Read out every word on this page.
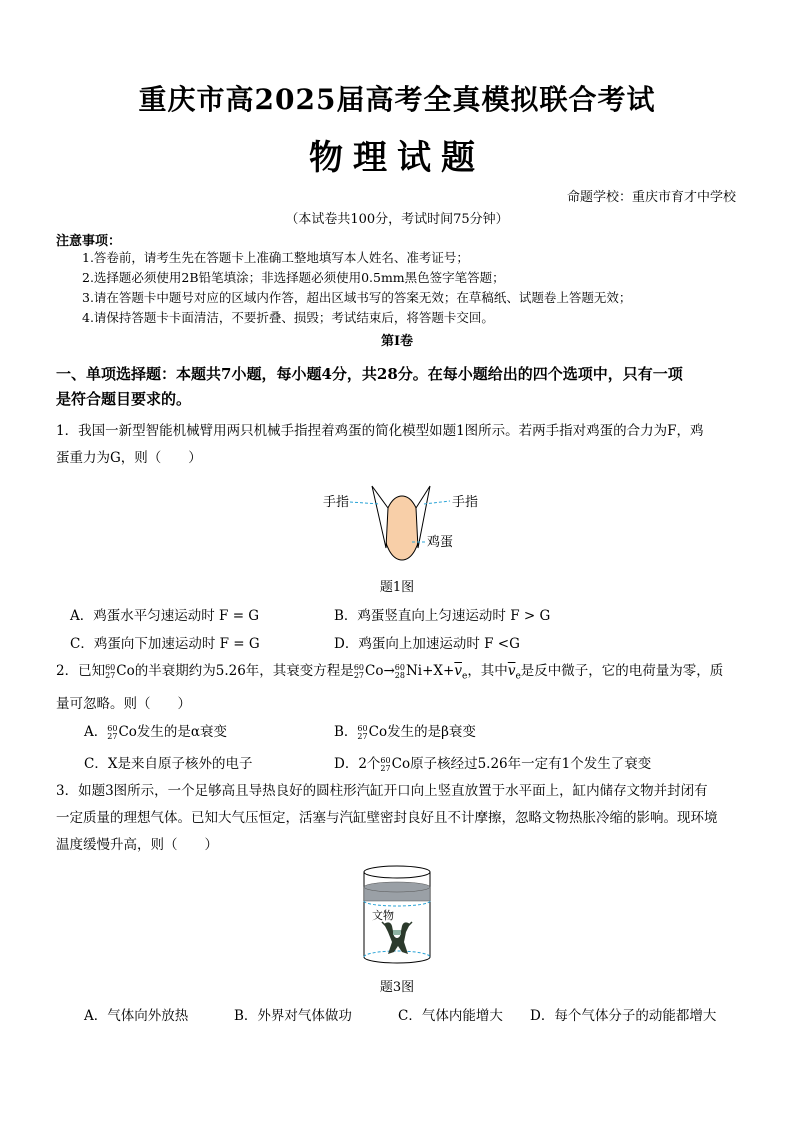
重庆市高2025届高考全真模拟联合考试
物理试题
命题学校：重庆市育才中学校
（本试卷共100分，考试时间75分钟）
注意事项：
1.答卷前，请考生先在答题卡上准确工整地填写本人姓名、准考证号；
2.选择题必须使用2B铅笔填涂；非选择题必须使用0.5mm黑色签字笔答题；
3.请在答题卡中题号对应的区域内作答，超出区域书写的答案无效；在草稿纸、试题卷上答题无效；
4.请保持答题卡卡面清洁，不要折叠、损毁；考试结束后，将答题卡交回。
第Ⅰ卷
一、单项选择题：本题共7小题，每小题4分，共28分。在每小题给出的四个选项中，只有一项
是符合题目要求的。
1．我国一新型智能机械臂用两只机械手指捏着鸡蛋的简化模型如题1图所示。若两手指对鸡蛋的合力为F，鸡
蛋重力为G，则（　　）
手指	手指
鸡蛋
题1图
A．鸡蛋水平匀速运动时 F = G	B．鸡蛋竖直向上匀速运动时 F > G
C．鸡蛋向下加速运动时 F = G	D．鸡蛋向上加速运动时 F <G
2．已知 60
27 Co的半衰期约为5.26年，其衰变方程是 60
27 Co→ 60
28 $Ni+X+\overline{v}_e$，其中$\overline{v}_e$是反中微子，它的电荷量为零，质
量可忽略。则（　　）
A． 60
27 Co发生的是α衰变	B． 60
27 Co发生的是β衰变
C．X是来自原子核外的电子	D．2个 60
27 Co原子核经过5.26年一定有1个发生了衰变
3．如题3图所示，一个足够高且导热良好的圆柱形汽缸开口向上竖直放置于水平面上，缸内储存文物并封闭有
一定质量的理想气体。已知大气压恒定，活塞与汽缸壁密封良好且不计摩擦，忽略文物热胀冷缩的影响。现环境
温度缓慢升高，则（　　）
文物
题3图
A．气体向外放热	B．外界对气体做功	C．气体内能增大 D．每个气体分子的动能都增大
